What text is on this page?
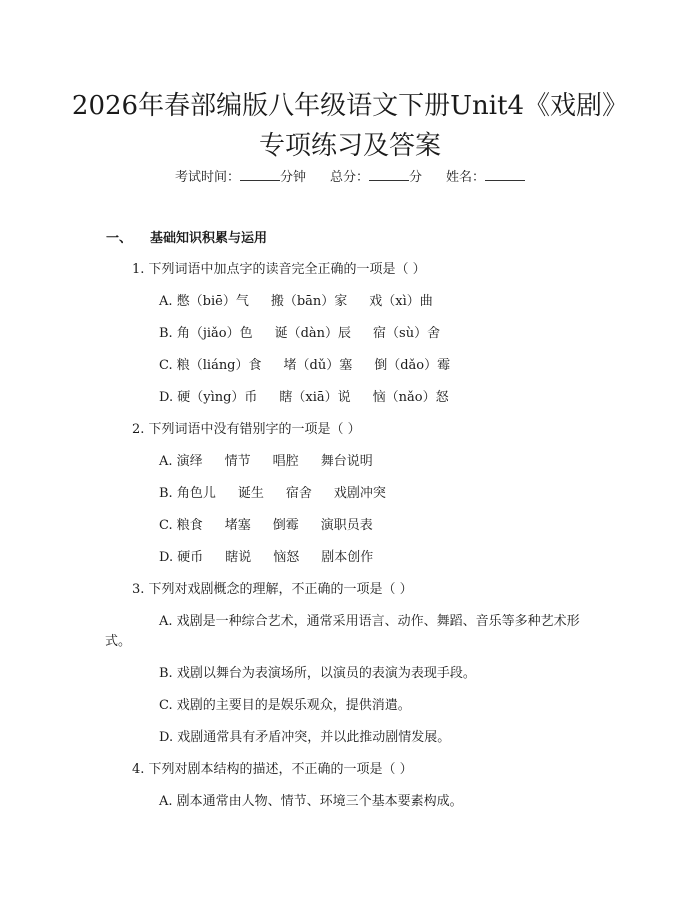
2026年春部编版八年级语文下册Unit4《戏剧》专项练习及答案
考试时间：	分钟 总分：	分 姓名：
一、 基础知识积累与运用
1. 下列词语中加点字的读音完全正确的一项是（ ）
A. 憋（biē）气 搬（bān）家 戏（xì）曲
B. 角（jiǎo）色 诞（dàn）辰 宿（sù）舍
C. 粮（liáng）食 堵（dǔ）塞 倒（dǎo）霉
D. 硬（yìng）币 瞎（xiā）说 恼（nǎo）怒
2. 下列词语中没有错别字的一项是（ ）
A. 演绎 情节 唱腔 舞台说明
B. 角色儿 诞生 宿舍 戏剧冲突
C. 粮食 堵塞 倒霉 演职员表
D. 硬币 瞎说 恼怒 剧本创作
3. 下列对戏剧概念的理解，不正确的一项是（ ）
A. 戏剧是一种综合艺术，通常采用语言、动作、舞蹈、音乐等多种艺术形式。
B. 戏剧以舞台为表演场所，以演员的表演为表现手段。
C. 戏剧的主要目的是娱乐观众，提供消遣。
D. 戏剧通常具有矛盾冲突，并以此推动剧情发展。
4. 下列对剧本结构的描述，不正确的一项是（ ）
A. 剧本通常由人物、情节、环境三个基本要素构成。
